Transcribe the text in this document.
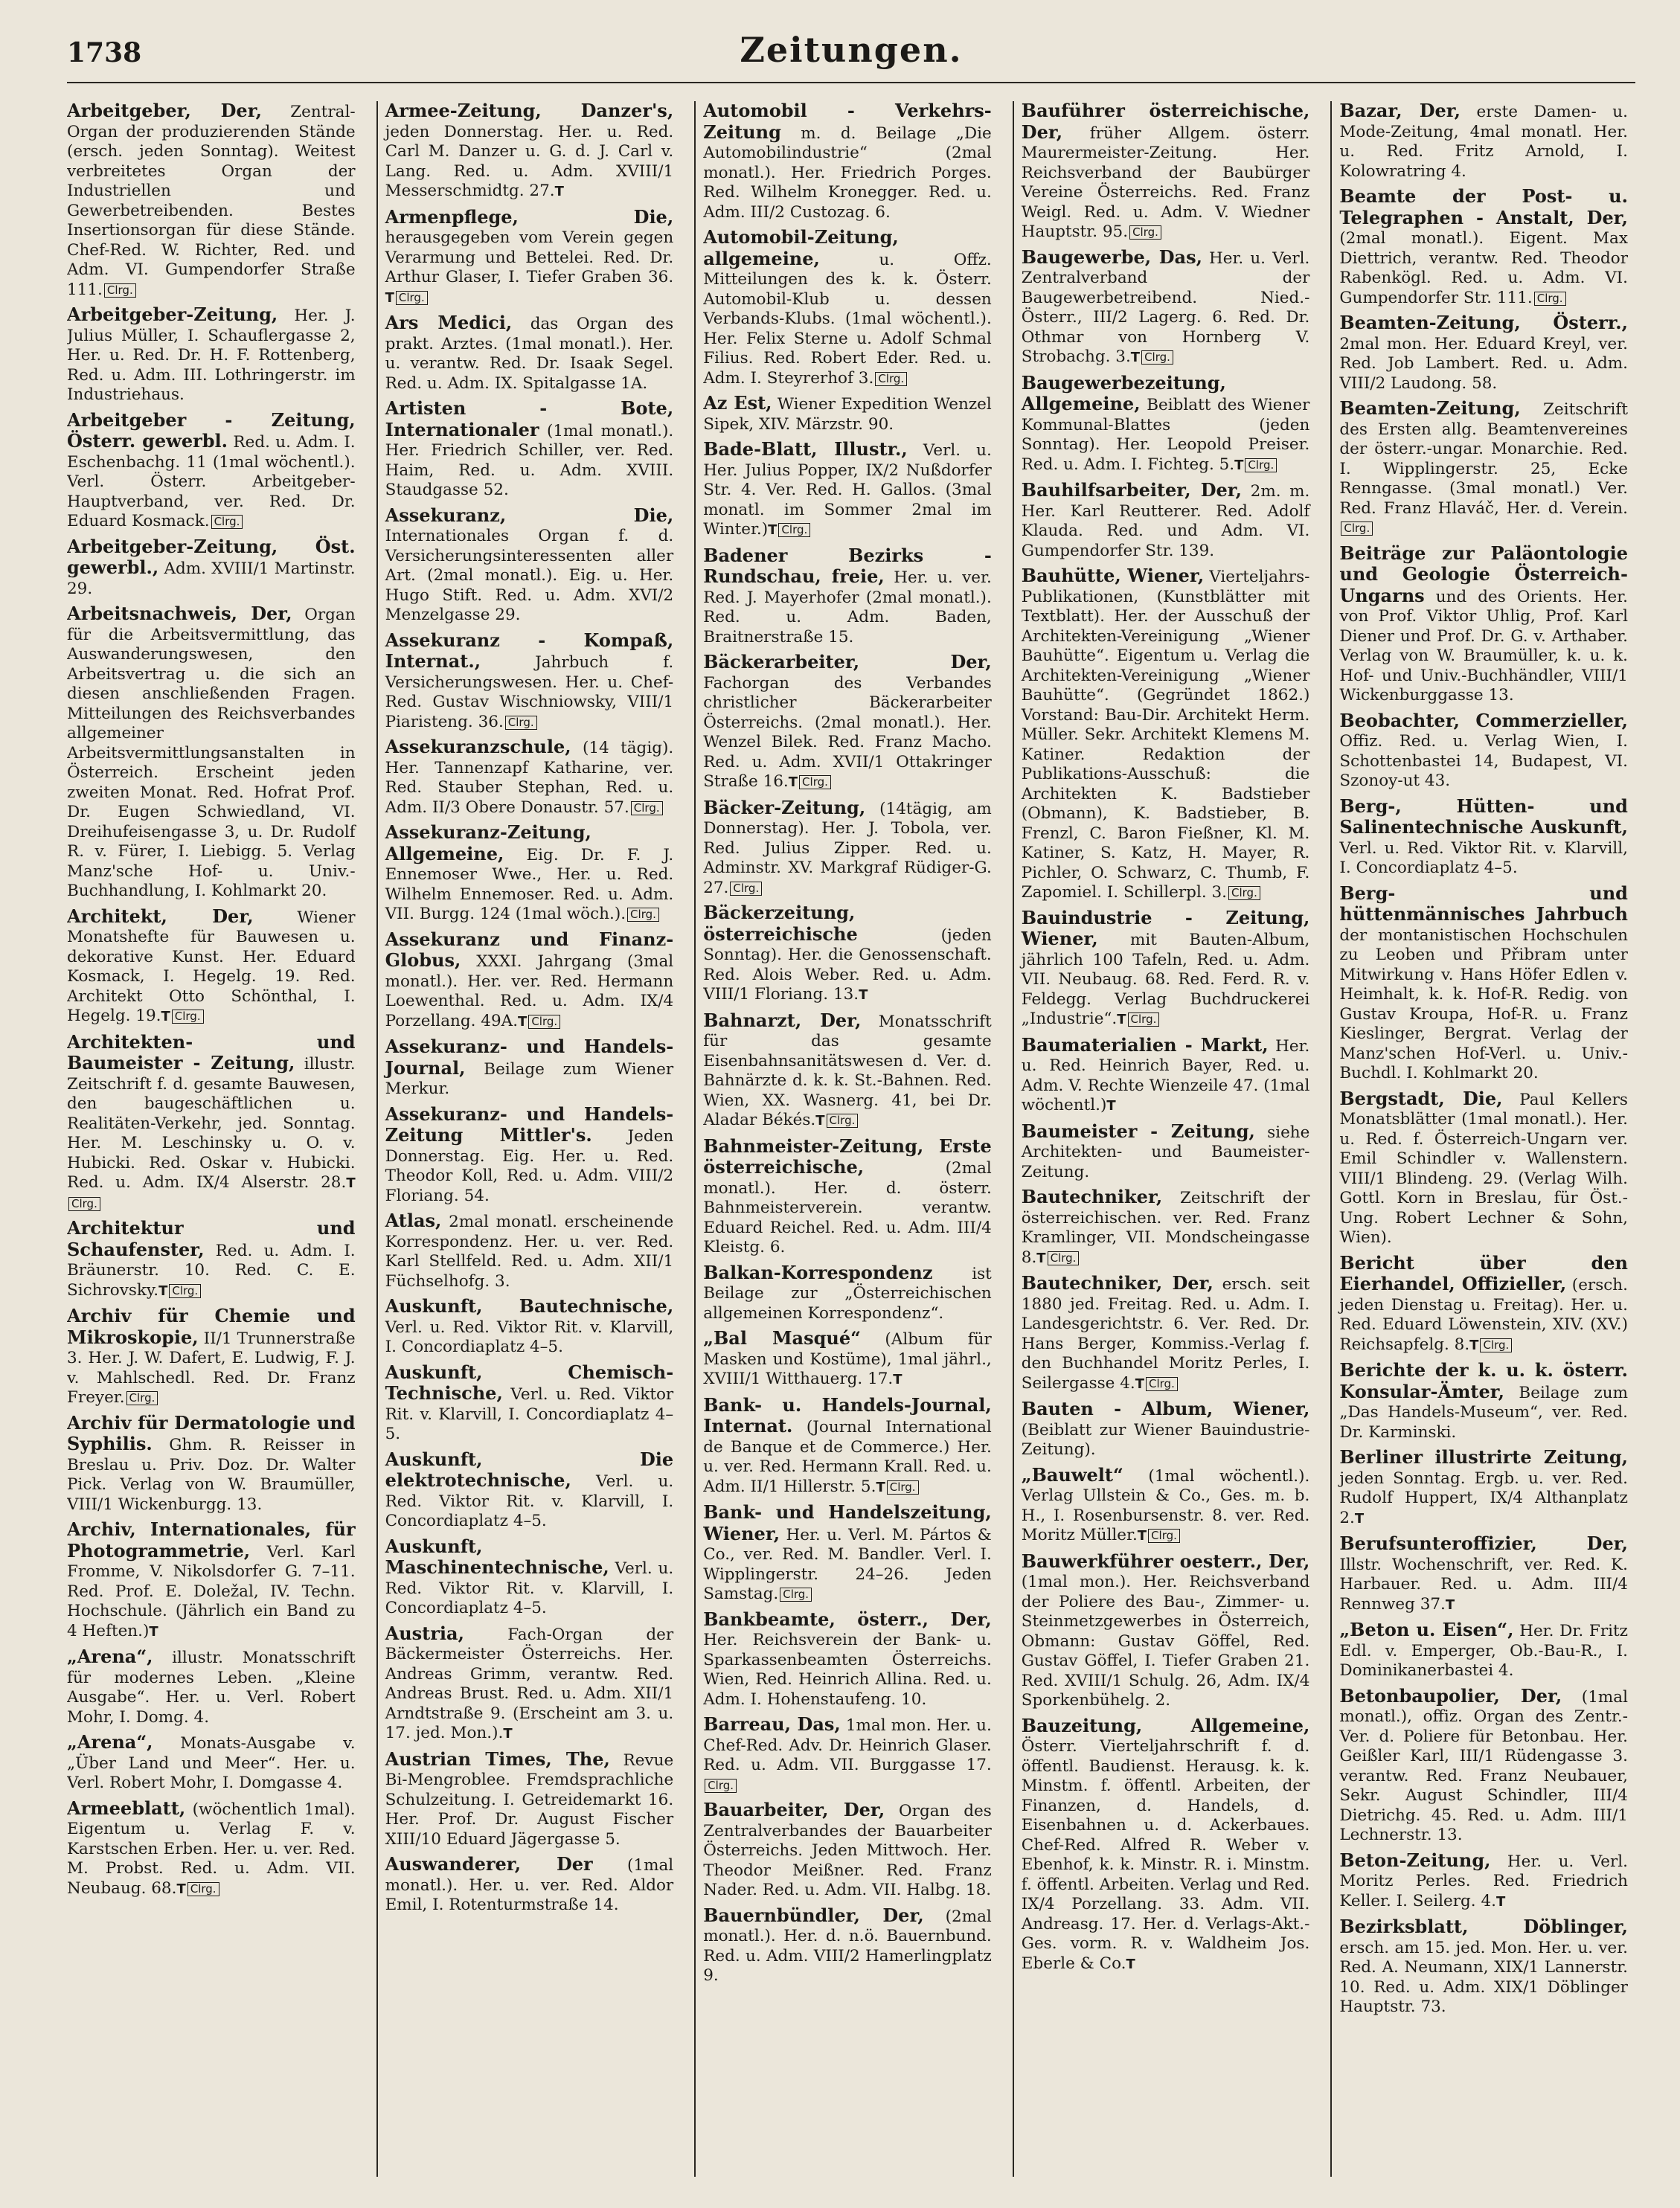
1738	Zeitungen.

Arbeitgeber, Der, Zentral-Organ der produzierenden Stände (ersch. jeden Sonntag). Weitest verbreitetes Organ der Industriellen und Gewerbetreibenden. Bestes Insertionsorgan für diese Stände. Chef-Red. W. Richter, Red. und Adm. VI. Gumpendorfer Straße 111. Clrg.

Arbeitgeber-Zeitung, Her. J. Julius Müller, I. Schauflergasse 2, Her. u. Red. Dr. H. F. Rottenberg, Red. u. Adm. III. Lothringerstr. im Industriehaus.

Arbeitgeber - Zeitung, Österr. gewerbl. Red. u. Adm. I. Eschenbachg. 11 (1mal wöchentl.). Verl. Österr. Arbeitgeber-Hauptverband, ver. Red. Dr. Eduard Kosmack. Clrg.

Arbeitgeber-Zeitung, Öst. gewerbl., Adm. XVIII/1 Martinstr. 29.

Arbeitsnachweis, Der, Organ für die Arbeitsvermittlung, das Auswanderungswesen, den Arbeitsvertrag u. die sich an diesen anschließenden Fragen. Mitteilungen des Reichsverbandes allgemeiner Arbeitsvermittlungsanstalten in Österreich. Erscheint jeden zweiten Monat. Red. Hofrat Prof. Dr. Eugen Schwiedland, VI. Dreihufeisengasse 3, u. Dr. Rudolf R. v. Fürer, I. Liebigg. 5. Verlag Manz'sche Hof- u. Univ.-Buchhandlung, I. Kohlmarkt 20.

Architekt, Der, Wiener Monatshefte für Bauwesen u. dekorative Kunst. Her. Eduard Kosmack, I. Hegelg. 19. Red. Architekt Otto Schönthal, I. Hegelg. 19.T Clrg.

Architekten- und Baumeister - Zeitung, illustr. Zeitschrift f. d. gesamte Bauwesen, den baugeschäftlichen u. Realitäten-Verkehr, jed. Sonntag. Her. M. Leschinsky u. O. v. Hubicki. Red. Oskar v. Hubicki. Red. u. Adm. IX/4 Alserstr. 28.TClrg.

Architektur und Schaufenster, Red. u. Adm. I. Bräunerstr. 10. Red. C. E. Sichrovsky.T Clrg.

Archiv für Chemie und Mikroskopie, II/1 Trunnerstraße 3. Her. J. W. Dafert, E. Ludwig, F. J. v. Mahlschedl. Red. Dr. Franz Freyer. Clrg.

Archiv für Dermatologie und Syphilis. Ghm. R. Reisser in Breslau u. Priv. Doz. Dr. Walter Pick. Verlag von W. Braumüller, VIII/1 Wickenburgg. 13.

Archiv, Internationales, für Photogrammetrie, Verl. Karl Fromme, V. Nikolsdorfer G. 7–11. Red. Prof. E. Doležal, IV. Techn. Hochschule. (Jährlich ein Band zu 4 Heften.)T

„Arena“, illustr. Monatsschrift für modernes Leben. „Kleine Ausgabe“. Her. u. Verl. Robert Mohr, I. Domg. 4.

„Arena“, Monats-Ausgabe v. „Über Land und Meer“. Her. u. Verl. Robert Mohr, I. Domgasse 4.

Armeeblatt, (wöchentlich 1mal). Eigentum u. Verlag F. v. Karstschen Erben. Her. u. ver. Red. M. Probst. Red. u. Adm. VII. Neubaug. 68.T Clrg.

Armee-Zeitung, Danzer's, jeden Donnerstag. Her. u. Red. Carl M. Danzer u. G. d. J. Carl v. Lang. Red. u. Adm. XVIII/1 Messerschmidtg. 27.T

Armenpflege, Die, herausgegeben vom Verein gegen Verarmung und Bettelei. Red. Dr. Arthur Glaser, I. Tiefer Graben 36.T Clrg.

Ars Medici, das Organ des prakt. Arztes. (1mal monatl.). Her. u. verantw. Red. Dr. Isaak Segel. Red. u. Adm. IX. Spitalgasse 1A.

Artisten - Bote, Internationaler (1mal monatl.). Her. Friedrich Schiller, ver. Red. Haim, Red. u. Adm. XVIII. Staudgasse 52.

Assekuranz, Die, Internationales Organ f. d. Versicherungsinteressenten aller Art. (2mal monatl.). Eig. u. Her. Hugo Stift. Red. u. Adm. XVI/2 Menzelgasse 29.

Assekuranz - Kompaß, Internat., Jahrbuch f. Versicherungswesen. Her. u. Chef-Red. Gustav Wischniowsky, VIII/1 Piaristeng. 36. Clrg.

Assekuranzschule, (14 tägig). Her. Tannenzapf Katharine, ver. Red. Stauber Stephan, Red. u. Adm. II/3 Obere Donaustr. 57. Clrg.

Assekuranz-Zeitung, Allgemeine, Eig. Dr. F. J. Ennemoser Wwe., Her. u. Red. Wilhelm Ennemoser. Red. u. Adm. VII. Burgg. 124 (1mal wöch.). Clrg.

Assekuranz und Finanz-Globus, XXXI. Jahrgang (3mal monatl.). Her. ver. Red. Hermann Loewenthal. Red. u. Adm. IX/4 Porzellang. 49A.T Clrg.

Assekuranz- und Handels-Journal, Beilage zum Wiener Merkur.

Assekuranz- und Handels-Zeitung Mittler's. Jeden Donnerstag. Eig. Her. u. Red. Theodor Koll, Red. u. Adm. VIII/2 Floriang. 54.

Atlas, 2mal monatl. erscheinende Korrespondenz. Her. u. ver. Red. Karl Stellfeld. Red. u. Adm. XII/1 Füchselhofg. 3.

Auskunft, Bautechnische, Verl. u. Red. Viktor Rit. v. Klarvill, I. Concordiaplatz 4–5.

Auskunft, Chemisch-Technische, Verl. u. Red. Viktor Rit. v. Klarvill, I. Concordiaplatz 4–5.

Auskunft, Die elektrotechnische, Verl. u. Red. Viktor Rit. v. Klarvill, I. Concordiaplatz 4–5.

Auskunft, Maschinentechnische, Verl. u. Red. Viktor Rit. v. Klarvill, I. Concordiaplatz 4–5.

Austria, Fach-Organ der Bäckermeister Österreichs. Her. Andreas Grimm, verantw. Red. Andreas Brust. Red. u. Adm. XII/1 Arndtstraße 9. (Erscheint am 3. u. 17. jed. Mon.).T

Austrian Times, The, Revue Bi-Mengroblee. Fremdsprachliche Schulzeitung. I. Getreidemarkt 16. Her. Prof. Dr. August Fischer XIII/10 Eduard Jägergasse 5.

Auswanderer, Der (1mal monatl.). Her. u. ver. Red. Aldor Emil, I. Rotenturmstraße 14.

Automobil - Verkehrs-Zeitung m. d. Beilage „Die Automobilindustrie“ (2mal monatl.). Her. Friedrich Porges. Red. Wilhelm Kronegger. Red. u. Adm. III/2 Custozag. 6.

Automobil-Zeitung, allgemeine, u. Offz. Mitteilungen des k. k. Österr. Automobil-Klub u. dessen Verbands-Klubs. (1mal wöchentl.). Her. Felix Sterne u. Adolf Schmal Filius. Red. Robert Eder. Red. u. Adm. I. Steyrerhof 3. Clrg.

Az Est, Wiener Expedition Wenzel Sipek, XIV. Märzstr. 90.

Bade-Blatt, Illustr., Verl. u. Her. Julius Popper, IX/2 Nußdorfer Str. 4. Ver. Red. H. Gallos. (3mal monatl. im Sommer 2mal im Winter.)T Clrg.

Badener Bezirks - Rundschau, freie, Her. u. ver. Red. J. Mayerhofer (2mal monatl.). Red. u. Adm. Baden, Braitnerstraße 15.

Bäckerarbeiter, Der, Fachorgan des Verbandes christlicher Bäckerarbeiter Österreichs. (2mal monatl.). Her. Wenzel Bilek. Red. Franz Macho. Red. u. Adm. XVII/1 Ottakringer Straße 16.T Clrg.

Bäcker-Zeitung, (14tägig, am Donnerstag). Her. J. Tobola, ver. Red. Julius Zipper. Red. u. Adminstr. XV. Markgraf Rüdiger-G. 27. Clrg.

Bäckerzeitung, österreichische (jeden Sonntag). Her. die Genossenschaft. Red. Alois Weber. Red. u. Adm. VIII/1 Floriang. 13.T

Bahnarzt, Der, Monatsschrift für das gesamte Eisenbahnsanitätswesen d. Ver. d. Bahnärzte d. k. k. St.-Bahnen. Red. Wien, XX. Wasnerg. 41, bei Dr. Aladar Békés.T Clrg.

Bahnmeister-Zeitung, Erste österreichische, (2mal monatl.). Her. d. österr. Bahnmeisterverein. verantw. Eduard Reichel. Red. u. Adm. III/4 Kleistg. 6.

Balkan-Korrespondenz ist Beilage zur „Österreichischen allgemeinen Korrespondenz“.

„Bal Masqué“ (Album für Masken und Kostüme), 1mal jährl., XVIII/1 Witthauerg. 17.T

Bank- u. Handels-Journal, Internat. (Journal International de Banque et de Commerce.) Her. u. ver. Red. Hermann Krall. Red. u. Adm. II/1 Hillerstr. 5.T Clrg.

Bank- und Handelszeitung, Wiener, Her. u. Verl. M. Pártos & Co., ver. Red. M. Bandler. Verl. I. Wipplingerstr. 24–26. Jeden Samstag. Clrg.

Bankbeamte, österr., Der, Her. Reichsverein der Bank- u. Sparkassenbeamten Österreichs. Wien, Red. Heinrich Allina. Red. u. Adm. I. Hohenstaufeng. 10.

Barreau, Das, 1mal mon. Her. u. Chef-Red. Adv. Dr. Heinrich Glaser. Red. u. Adm. VII. Burggasse 17.Clrg.

Bauarbeiter, Der, Organ des Zentralverbandes der Bauarbeiter Österreichs. Jeden Mittwoch. Her. Theodor Meißner. Red. Franz Nader. Red. u. Adm. VII. Halbg. 18.

Bauernbündler, Der, (2mal monatl.). Her. d. n.ö. Bauernbund. Red. u. Adm. VIII/2 Hamerlingplatz 9.

Bauführer österreichische, Der, früher Allgem. österr. Maurermeister-Zeitung. Her. Reichsverband der Baubürger Vereine Österreichs. Red. Franz Weigl. Red. u. Adm. V. Wiedner Hauptstr. 95. Clrg.

Baugewerbe, Das, Her. u. Verl. Zentralverband der Baugewerbetreibend. Nied.-Österr., III/2 Lagerg. 6. Red. Dr. Othmar von Hornberg V. Strobachg. 3.T Clrg.

Baugewerbezeitung, Allgemeine, Beiblatt des Wiener Kommunal-Blattes (jeden Sonntag). Her. Leopold Preiser. Red. u. Adm. I. Fichteg. 5.T Clrg.

Bauhilfsarbeiter, Der, 2m. m. Her. Karl Reutterer. Red. Adolf Klauda. Red. und Adm. VI. Gumpendorfer Str. 139.

Bauhütte, Wiener, Vierteljahrs-Publikationen, (Kunstblätter mit Textblatt). Her. der Ausschuß der Architekten-Vereinigung „Wiener Bauhütte“. Eigentum u. Verlag die Architekten-Vereinigung „Wiener Bauhütte“. (Gegründet 1862.) Vorstand: Bau-Dir. Architekt Herm. Müller. Sekr. Architekt Klemens M. Katiner. Redaktion der Publikations-Ausschuß: die Architekten K. Badstieber (Obmann), K. Badstieber, B. Frenzl, C. Baron Fießner, Kl. M. Katiner, S. Katz, H. Mayer, R. Pichler, O. Schwarz, C. Thumb, F. Zapomiel. I. Schillerpl. 3. Clrg.

Bauindustrie - Zeitung, Wiener, mit Bauten-Album, jährlich 100 Tafeln, Red. u. Adm. VII. Neubaug. 68. Red. Ferd. R. v. Feldegg. Verlag Buchdruckerei „Industrie“.T Clrg.

Baumaterialien - Markt, Her. u. Red. Heinrich Bayer, Red. u. Adm. V. Rechte Wienzeile 47. (1mal wöchentl.)T

Baumeister - Zeitung, siehe Architekten- und Baumeister-Zeitung.

Bautechniker, Zeitschrift der österreichischen. ver. Red. Franz Kramlinger, VII. Mondscheingasse 8.T Clrg.

Bautechniker, Der, ersch. seit 1880 jed. Freitag. Red. u. Adm. I. Landesgerichtstr. 6. Ver. Red. Dr. Hans Berger, Kommiss.-Verlag f. den Buchhandel Moritz Perles, I. Seilergasse 4.T Clrg.

Bauten - Album, Wiener, (Beiblatt zur Wiener Bauindustrie-Zeitung).

„Bauwelt“ (1mal wöchentl.). Verlag Ullstein & Co., Ges. m. b. H., I. Rosenbursenstr. 8. ver. Red. Moritz Müller.T Clrg.

Bauwerkführer oesterr., Der, (1mal mon.). Her. Reichsverband der Poliere des Bau-, Zimmer- u. Steinmetzgewerbes in Österreich, Obmann: Gustav Göffel, Red. Gustav Göffel, I. Tiefer Graben 21. Red. XVIII/1 Schulg. 26, Adm. IX/4 Sporkenbühelg. 2.

Bauzeitung, Allgemeine, Österr. Vierteljahrschrift f. d. öffentl. Baudienst. Herausg. k. k. Minstm. f. öffentl. Arbeiten, der Finanzen, d. Handels, d. Eisenbahnen u. d. Ackerbaues. Chef-Red. Alfred R. Weber v. Ebenhof, k. k. Minstr. R. i. Minstm. f. öffentl. Arbeiten. Verlag und Red. IX/4 Porzellang. 33. Adm. VII. Andreasg. 17. Her. d. Verlags-Akt.-Ges. vorm. R. v. Waldheim Jos. Eberle & Co.T

Bazar, Der, erste Damen- u. Mode-Zeitung, 4mal monatl. Her. u. Red. Fritz Arnold, I. Kolowratring 4.

Beamte der Post- u. Telegraphen - Anstalt, Der, (2mal monatl.). Eigent. Max Diettrich, verantw. Red. Theodor Rabenkögl. Red. u. Adm. VI. Gumpendorfer Str. 111. Clrg.

Beamten-Zeitung, Österr., 2mal mon. Her. Eduard Kreyl, ver. Red. Job Lambert. Red. u. Adm. VIII/2 Laudong. 58.

Beamten-Zeitung, Zeitschrift des Ersten allg. Beamtenvereines der österr.-ungar. Monarchie. Red. I. Wipplingerstr. 25, Ecke Renngasse. (3mal monatl.) Ver. Red. Franz Hlaváč, Her. d. Verein.Clrg.

Beiträge zur Paläontologie und Geologie Österreich-Ungarns und des Orients. Her. von Prof. Viktor Uhlig, Prof. Karl Diener und Prof. Dr. G. v. Arthaber. Verlag von W. Braumüller, k. u. k. Hof- und Univ.-Buchhändler, VIII/1 Wickenburggasse 13.

Beobachter, Commerzieller, Offiz. Red. u. Verlag Wien, I. Schottenbastei 14, Budapest, VI. Szonoy-ut 43.

Berg-, Hütten- und Salinentechnische Auskunft, Verl. u. Red. Viktor Rit. v. Klarvill, I. Concordiaplatz 4–5.

Berg- und hüttenmännisches Jahrbuch der montanistischen Hochschulen zu Leoben und Přibram unter Mitwirkung v. Hans Höfer Edlen v. Heimhalt, k. k. Hof-R. Redig. von Gustav Kroupa, Hof-R. u. Franz Kieslinger, Bergrat. Verlag der Manz'schen Hof-Verl. u. Univ.-Buchdl. I. Kohlmarkt 20.

Bergstadt, Die, Paul Kellers Monatsblätter (1mal monatl.). Her. u. Red. f. Österreich-Ungarn ver. Emil Schindler v. Wallenstern. VIII/1 Blindeng. 29. (Verlag Wilh. Gottl. Korn in Breslau, für Öst.-Ung. Robert Lechner & Sohn, Wien).

Bericht über den Eierhandel, Offizieller, (ersch. jeden Dienstag u. Freitag). Her. u. Red. Eduard Löwenstein, XIV. (XV.) Reichsapfelg. 8.T Clrg.

Berichte der k. u. k. österr. Konsular-Ämter, Beilage zum „Das Handels-Museum“, ver. Red. Dr. Karminski.

Berliner illustrirte Zeitung, jeden Sonntag. Ergb. u. ver. Red. Rudolf Huppert, IX/4 Althanplatz 2.T

Berufsunteroffizier, Der, Illstr. Wochenschrift, ver. Red. K. Harbauer. Red. u. Adm. III/4 Rennweg 37.T

„Beton u. Eisen“, Her. Dr. Fritz Edl. v. Emperger, Ob.-Bau-R., I. Dominikanerbastei 4.

Betonbaupolier, Der, (1mal monatl.), offiz. Organ des Zentr.-Ver. d. Poliere für Betonbau. Her. Geißler Karl, III/1 Rüdengasse 3. verantw. Red. Franz Neubauer, Sekr. August Schindler, III/4 Dietrichg. 45. Red. u. Adm. III/1 Lechnerstr. 13.

Beton-Zeitung, Her. u. Verl. Moritz Perles. Red. Friedrich Keller. I. Seilerg. 4.T

Bezirksblatt, Döblinger, ersch. am 15. jed. Mon. Her. u. ver. Red. A. Neumann, XIX/1 Lannerstr. 10. Red. u. Adm. XIX/1 Döblinger Hauptstr. 73.
